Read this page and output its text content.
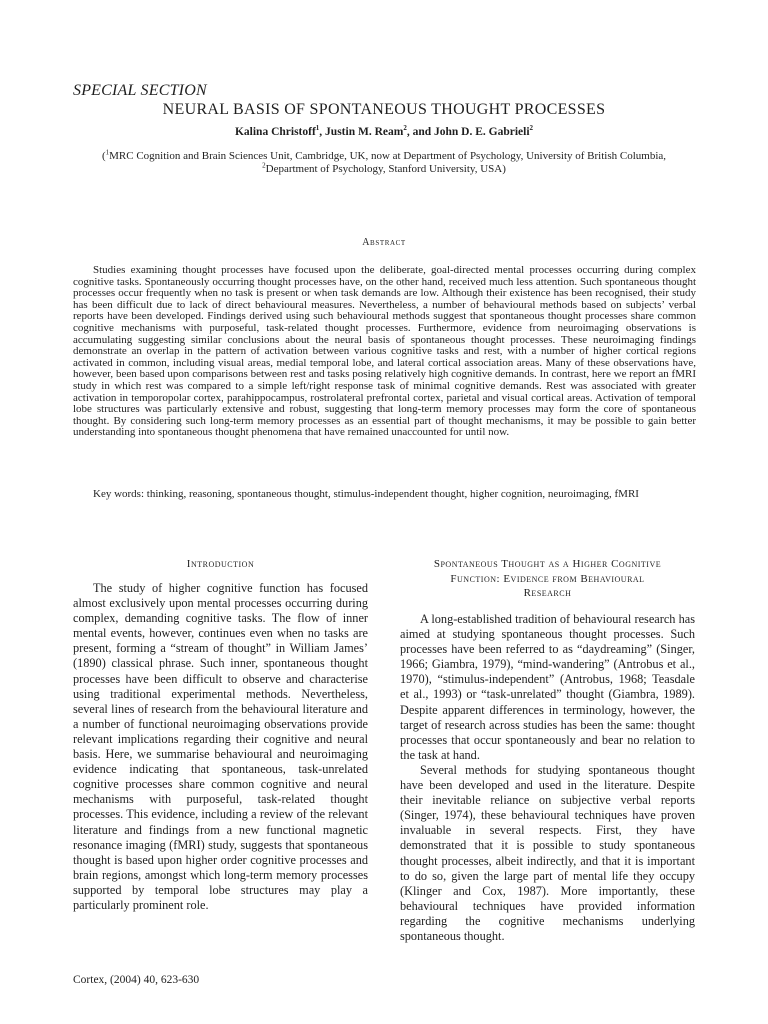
SPECIAL SECTION
NEURAL BASIS OF SPONTANEOUS THOUGHT PROCESSES
Kalina Christoff$^1$, Justin M. Ream$^2$, and John D. E. Gabrieli$^2$
($^1$MRC Cognition and Brain Sciences Unit, Cambridge, UK, now at Department of Psychology, University of British Columbia, $^2$Department of Psychology, Stanford University, USA)
Abstract

Studies examining thought processes have focused upon the deliberate, goal-directed mental processes occurring during complex cognitive tasks. Spontaneously occurring thought processes have, on the other hand, received much less attention. Such spontaneous thought processes occur frequently when no task is present or when task demands are low. Although their existence has been recognised, their study has been difficult due to lack of direct behavioural measures. Nevertheless, a number of behavioural methods based on subjects’ verbal reports have been developed. Findings derived using such behavioural methods suggest that spontaneous thought processes share common cognitive mechanisms with purposeful, task-related thought processes. Furthermore, evidence from neuroimaging observations is accumulating suggesting similar conclusions about the neural basis of spontaneous thought processes. These neuroimaging findings demonstrate an overlap in the pattern of activation between various cognitive tasks and rest, with a number of higher cortical regions activated in common, including visual areas, medial temporal lobe, and lateral cortical association areas. Many of these observations have, however, been based upon comparisons between rest and tasks posing relatively high cognitive demands. In contrast, here we report an fMRI study in which rest was compared to a simple left/right response task of minimal cognitive demands. Rest was associated with greater activation in temporopolar cortex, parahippocampus, rostrolateral prefrontal cortex, parietal and visual cortical areas. Activation of temporal lobe structures was particularly extensive and robust, suggesting that long-term memory processes may form the core of spontaneous thought. By considering such long-term memory processes as an essential part of thought mechanisms, it may be possible to gain better understanding into spontaneous thought phenomena that have remained unaccounted for until now.

Key words: thinking, reasoning, spontaneous thought, stimulus-independent thought, higher cognition, neuroimaging, fMRI

Introduction

The study of higher cognitive function has focused almost exclusively upon mental processes occurring during complex, demanding cognitive tasks. The flow of inner mental events, however, continues even when no tasks are present, forming a “stream of thought” in William James’ (1890) classical phrase. Such inner, spontaneous thought processes have been difficult to observe and characterise using traditional experimental methods. Nevertheless, several lines of research from the behavioural literature and a number of functional neuroimaging observations provide relevant implications regarding their cognitive and neural basis. Here, we summarise behavioural and neuroimaging evidence indicating that spontaneous, task-unrelated cognitive processes share common cognitive and neural mechanisms with purposeful, task-related thought processes. This evidence, including a review of the relevant literature and findings from a new functional magnetic resonance imaging (fMRI) study, suggests that spontaneous thought is based upon higher order cognitive processes and brain regions, amongst which long-term memory processes supported by temporal lobe structures may play a particularly prominent role.

Spontaneous Thought as a Higher Cognitive
Function: Evidence from Behavioural
Research

A long-established tradition of behavioural research has aimed at studying spontaneous thought processes. Such processes have been referred to as “daydreaming” (Singer, 1966; Giambra, 1979), “mind-wandering” (Antrobus et al., 1970), “stimulus-independent” (Antrobus, 1968; Teasdale et al., 1993) or “task-unrelated” thought (Giambra, 1989). Despite apparent differences in terminology, however, the target of research across studies has been the same: thought processes that occur spontaneously and bear no relation to the task at hand.

Several methods for studying spontaneous thought have been developed and used in the literature. Despite their inevitable reliance on subjective verbal reports (Singer, 1974), these behavioural techniques have proven invaluable in several respects. First, they have demonstrated that it is possible to study spontaneous thought processes, albeit indirectly, and that it is important to do so, given the large part of mental life they occupy (Klinger and Cox, 1987). More importantly, these behavioural techniques have provided information regarding the cognitive mechanisms underlying spontaneous thought.

Cortex, (2004) 40, 623-630
